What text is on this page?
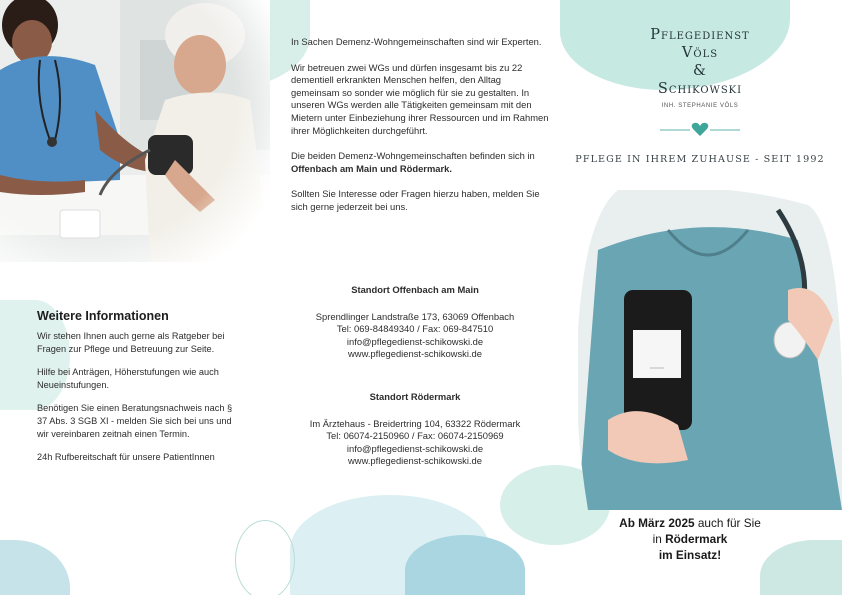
In Sachen Demenz-Wohngemeinschaften sind wir Experten.

Wir betreuen zwei WGs und dürfen insgesamt bis zu 22 dementiell erkrankten Menschen helfen, den Alltag gemeinsam so sonder wie möglich für sie zu gestalten. In unseren WGs werden alle Tätigkeiten gemeinsam mit den Mietern unter Einbeziehung ihrer Ressourcen und im Rahmen ihrer Möglichkeiten durchgeführt.

Die beiden Demenz-Wohngemeinschaften befinden sich in Offenbach am Main und Rödermark.

Sollten Sie Interesse oder Fragen hierzu haben, melden Sie sich gerne jederzeit bei uns.

Standort Offenbach am Main
Sprendlinger Landstraße 173, 63069 Offenbach
Tel: 069-84849340 / Fax: 069-847510
info@pflegedienst-schikowski.de
www.pflegedienst-schikowski.de
Standort Rödermark
Im Ärztehaus - Breidertring 104, 63322 Rödermark
Tel: 06074-2150960 / Fax: 06074-2150969
info@pflegedienst-schikowski.de
www.pflegedienst-schikowski.de
Weitere Informationen

Wir stehen Ihnen auch gerne als Ratgeber bei Fragen zur Pflege und Betreuung zur Seite.

Hilfe bei Anträgen, Höherstufungen wie auch Neueinstufungen.

Benötigen Sie einen Beratungsnachweis nach § 37 Abs. 3 SGB XI - melden Sie sich bei uns und wir vereinbaren zeitnah einen Termin.

24h Rufbereitschaft für unsere PatientInnen

Pflegedienst
Völs
&
Schikowski
INH. STEPHANIE VÖLS
PFLEGE IN IHREM ZUHAUSE - SEIT 1992
Ab März 2025 auch für Sie
in Rödermark
im Einsatz!
